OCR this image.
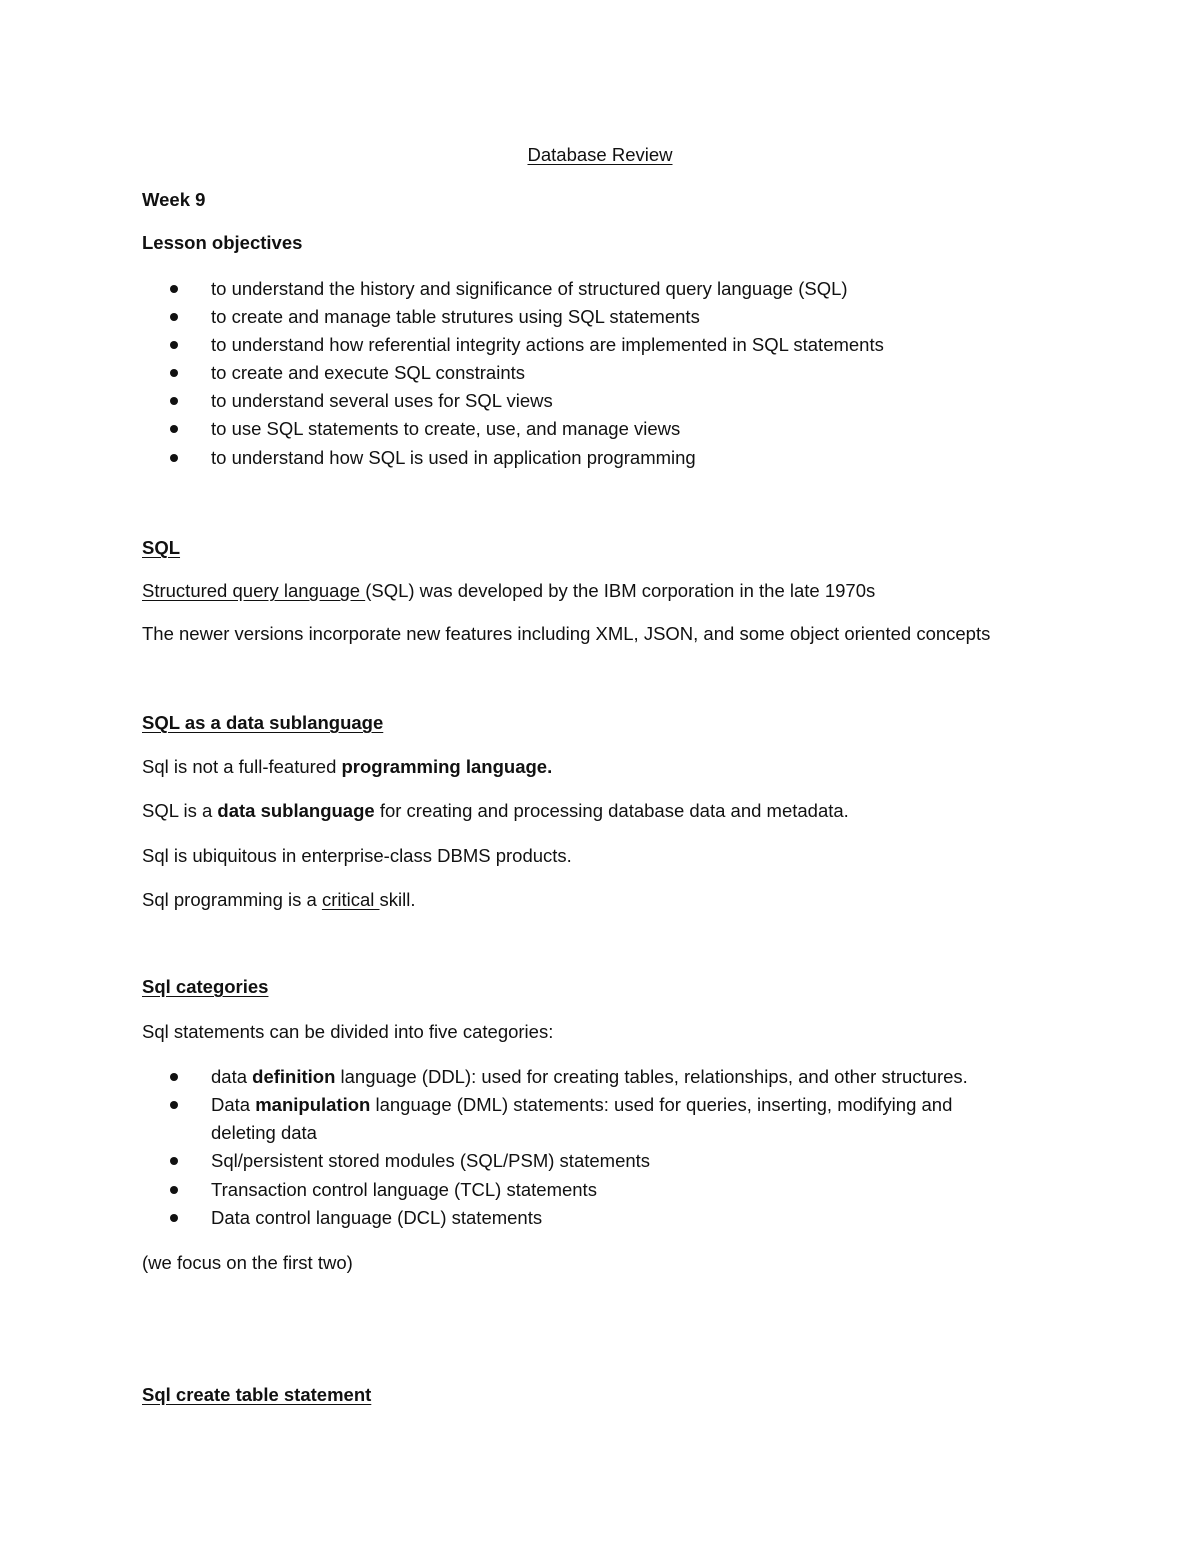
Database Review
Week 9
Lesson objectives
to understand the history and significance of structured query language (SQL)
to create and manage table strutures using SQL statements
to understand how referential integrity actions are implemented in SQL statements
to create and execute SQL constraints
to understand several uses for SQL views
to use SQL statements to create, use, and manage views
to understand how SQL is used in application programming
SQL
Structured query language (SQL) was developed by the IBM corporation in the late 1970s
The newer versions incorporate new features including XML, JSON, and some object oriented concepts
SQL as a data sublanguage
Sql is not a full-featured programming language.
SQL is a data sublanguage for creating and processing database data and metadata.
Sql is ubiquitous in enterprise-class DBMS products.
Sql programming is a critical skill.
Sql categories
Sql statements can be divided into five categories:
data definition language (DDL): used for creating tables, relationships, and other structures.
Data manipulation language (DML) statements: used for queries, inserting, modifying and
deleting data
Sql/persistent stored modules (SQL/PSM) statements
Transaction control language (TCL) statements
Data control language (DCL) statements
(we focus on the first two)
Sql create table statement
